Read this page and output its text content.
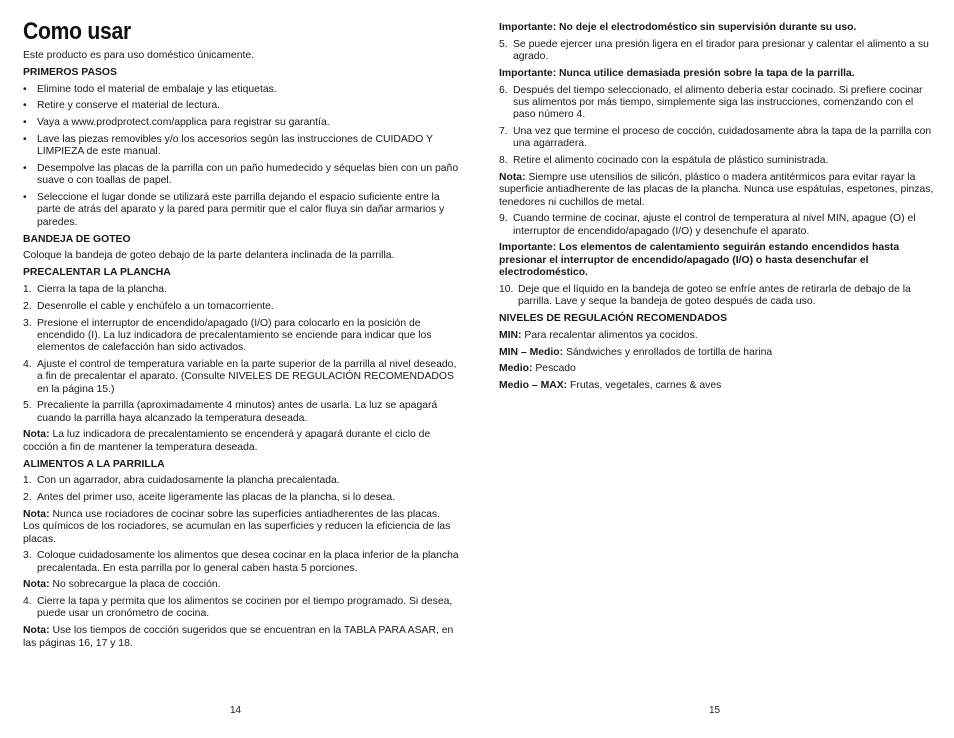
Como usar
Este producto es para uso doméstico únicamente.
PRIMEROS PASOS
• Elimine todo el material de embalaje y las etiquetas.
• Retire y conserve el material de lectura.
• Vaya a www.prodprotect.com/applica para registrar su garantía.
• Lave las piezas removibles y/o los accesorios según las instrucciones de CUIDADO Y LIMPIEZA de este manual.
• Desempolve las placas de la parrilla con un paño humedecido y séquelas bien con un paño suave o con toallas de papel.
• Seleccione el lugar donde se utilizará este parrilla dejando el espacio suficiente entre la parte de atrás del aparato y la pared para permitir que el calor fluya sin dañar armarios y paredes.
BANDEJA DE GOTEO
Coloque la bandeja de goteo debajo de la parte delantera inclinada de la parrilla.
PRECALENTAR LA PLANCHA
1. Cierra la tapa de la plancha.
2. Desenrolle el cable y enchúfelo a un tomacorriente.
3. Presione el interruptor de encendido/apagado (I/O) para colocarlo en la posición de encendido (I). La luz indicadora de precalentamiento se enciende para indicar que los elementos de calefacción han sido activados.
4. Ajuste el control de temperatura variable en la parte superior de la parrilla al nivel deseado, a fin de precalentar el aparato. (Consulte NIVELES DE REGULACIÓN RECOMENDADOS en la página 15.)
5. Precaliente la parrilla (aproximadamente 4 minutos) antes de usarla. La luz se apagará cuando la parrilla haya alcanzado la temperatura deseada.
Nota: La luz indicadora de precalentamiento se encenderá y apagará durante el ciclo de cocción a fin de mantener la temperatura deseada.
ALIMENTOS A LA PARRILLA
1. Con un agarrador, abra cuidadosamente la plancha precalentada.
2. Antes del primer uso, aceite ligeramente las placas de la plancha, si lo desea.
Nota: Nunca use rociadores de cocinar sobre las superficies antiadherentes de las placas. Los químicos de los rociadores, se acumulan en las superficies y reducen la eficiencia de las placas.
3. Coloque cuidadosamente los alimentos que desea cocinar en la placa inferior de la plancha precalentada. En esta parrilla por lo general caben hasta 5 porciones.
Nota: No sobrecargue la placa de cocción.
4. Cierre la tapa y permita que los alimentos se cocinen por el tiempo programado. Si desea, puede usar un cronómetro de cocina.
Nota: Use los tiempos de cocción sugeridos que se encuentran en la TABLA PARA ASAR, en las páginas 16, 17 y 18.
Importante: No deje el electrodoméstico sin supervisión durante su uso.
5. Se puede ejercer una presión ligera en el tirador para presionar y calentar el alimento a su agrado.
Importante: Nunca utilice demasiada presión sobre la tapa de la parrilla.
6. Después del tiempo seleccionado, el alimento debería estar cocinado. Si prefiere cocinar sus alimentos por más tiempo, simplemente siga las instrucciones, comenzando con el paso número 4.
7. Una vez que termine el proceso de cocción, cuidadosamente abra la tapa de la parrilla con una agarradera.
8. Retire el alimento cocinado con la espátula de plástico suministrada.
Nota: Siempre use utensilios de silicón, plástico o madera antitérmicos para evitar rayar la superficie antiadherente de las placas de la plancha. Nunca use espátulas, espetones, pinzas, tenedores ni cuchillos de metal.
9. Cuando termine de cocinar, ajuste el control de temperatura al nivel MIN, apague (O) el interruptor de encendido/apagado (I/O) y desenchufe el aparato.
Importante: Los elementos de calentamiento seguirán estando encendidos hasta presionar el interruptor de encendido/apagado (I/O) o hasta desenchufar el electrodoméstico.
10. Deje que el líquido en la bandeja de goteo se enfríe antes de retirarla de debajo de la parrilla. Lave y seque la bandeja de goteo después de cada uso.
NIVELES DE REGULACIÓN RECOMENDADOS
MIN: Para recalentar alimentos ya cocidos.
MIN – Medio: Sándwiches y enrollados de tortilla de harina
Medio: Pescado
Medio – MAX: Frutas, vegetales, carnes & aves
14	15
